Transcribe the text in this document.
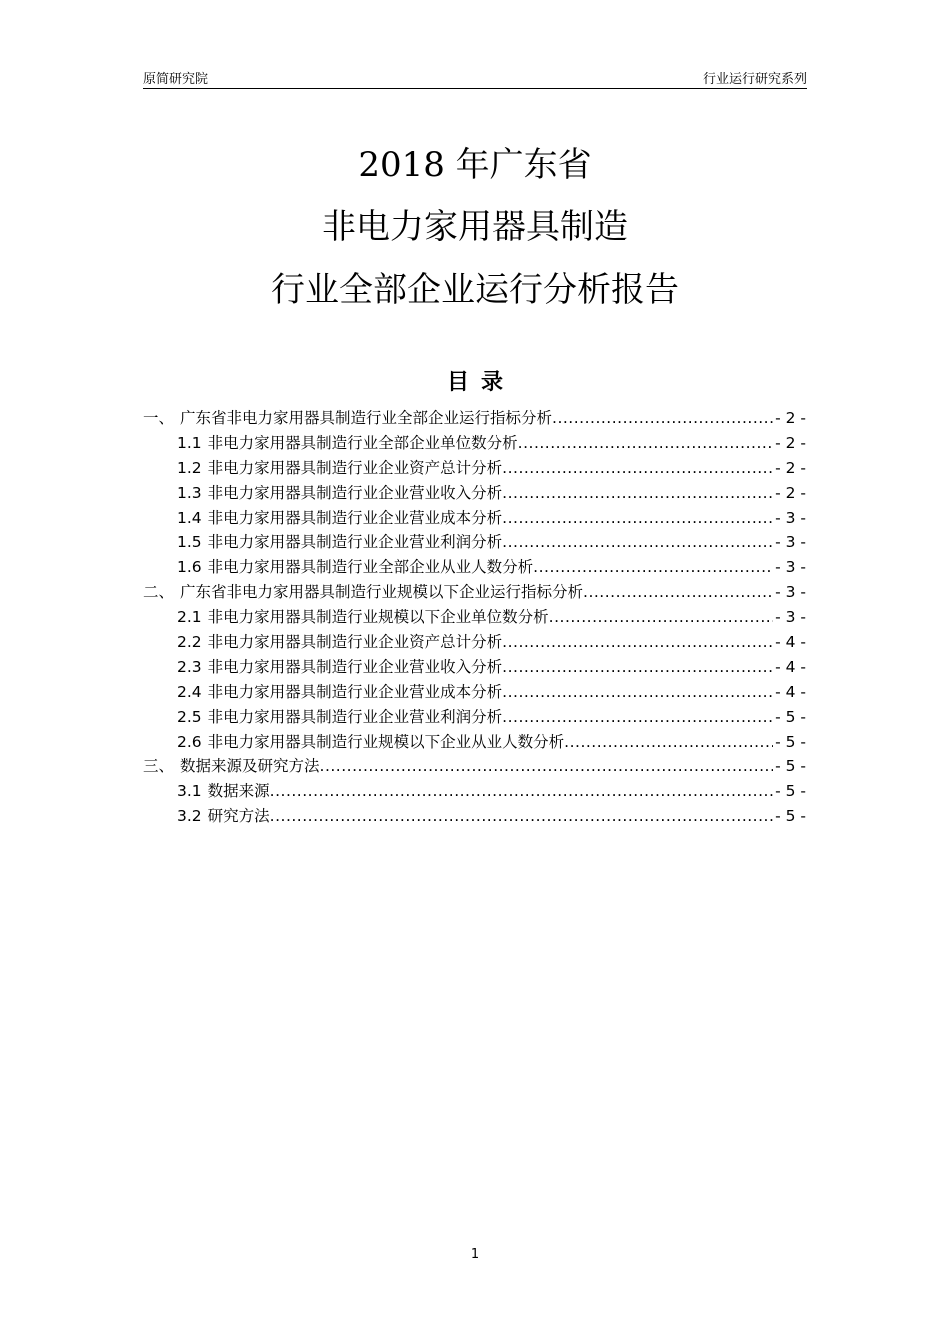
原简研究院	行业运行研究系列
2018 年广东省
非电力家用器具制造
行业全部企业运行分析报告
目录
一、 广东省非电力家用器具制造行业全部企业运行指标分析 .....	- 2 -
1.1 非电力家用器具制造行业全部企业单位数分析 .....	- 2 -
1.2 非电力家用器具制造行业企业资产总计分析 .....	- 2 -
1.3 非电力家用器具制造行业企业营业收入分析 .....	- 2 -
1.4 非电力家用器具制造行业企业营业成本分析 .....	- 3 -
1.5 非电力家用器具制造行业企业营业利润分析 .....	- 3 -
1.6 非电力家用器具制造行业全部企业从业人数分析 .....	- 3 -
二、 广东省非电力家用器具制造行业规模以下企业运行指标分析 .....	- 3 -
2.1 非电力家用器具制造行业规模以下企业单位数分析 .....	- 3 -
2.2 非电力家用器具制造行业企业资产总计分析 .....	- 4 -
2.3 非电力家用器具制造行业企业营业收入分析 .....	- 4 -
2.4 非电力家用器具制造行业企业营业成本分析 .....	- 4 -
2.5 非电力家用器具制造行业企业营业利润分析 .....	- 5 -
2.6 非电力家用器具制造行业规模以下企业从业人数分析 .....	- 5 -
三、 数据来源及研究方法 .....	- 5 -
3.1 数据来源 .....	- 5 -
3.2 研究方法 .....	- 5 -
1
